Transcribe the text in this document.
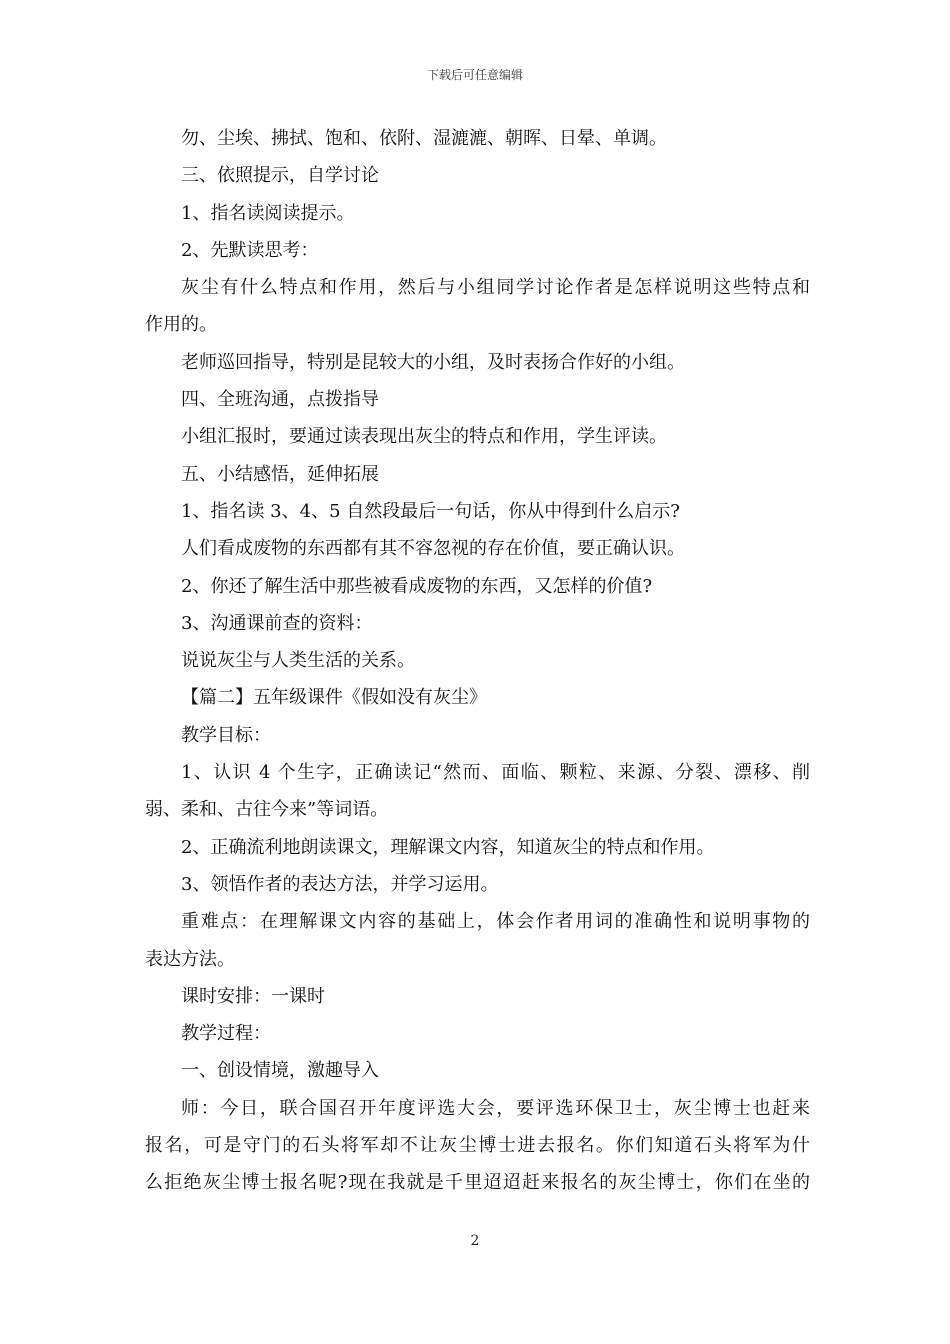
下载后可任意编辑
勿、尘埃、拂拭、饱和、依附、湿漉漉、朝晖、日晕、单调。
三、依照提示，自学讨论
1、指名读阅读提示。
2、先默读思考：
灰尘有什么特点和作用，然后与小组同学讨论作者是怎样说明这些特点和
作用的。
老师巡回指导，特别是昆较大的小组，及时表扬合作好的小组。
四、全班沟通，点拨指导
小组汇报时，要通过读表现出灰尘的特点和作用，学生评读。
五、小结感悟，延伸拓展
1、指名读 3、4、5 自然段最后一句话，你从中得到什么启示?
人们看成废物的东西都有其不容忽视的存在价值，要正确认识。
2、你还了解生活中那些被看成废物的东西，又怎样的价值?
3、沟通课前查的资料：
说说灰尘与人类生活的关系。
【篇二】五年级课件《假如没有灰尘》
教学目标：
1、认识 4 个生字，正确读记“然而、面临、颗粒、来源、分裂、漂移、削
弱、柔和、古往今来”等词语。
2、正确流利地朗读课文，理解课文内容，知道灰尘的特点和作用。
3、领悟作者的表达方法，并学习运用。
重难点：在理解课文内容的基础上，体会作者用词的准确性和说明事物的
表达方法。
课时安排：一课时
教学过程：
一、创设情境，激趣导入
师：今日，联合国召开年度评选大会，要评选环保卫士，灰尘博士也赶来
报名，可是守门的石头将军却不让灰尘博士进去报名。你们知道石头将军为什
么拒绝灰尘博士报名呢?现在我就是千里迢迢赶来报名的灰尘博士，你们在坐的
2
